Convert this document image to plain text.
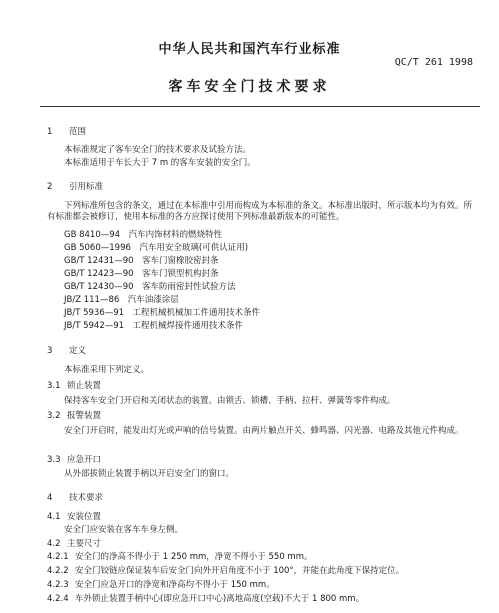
中华人民共和国汽车行业标准
QC/T 261 1998
客车安全门技术要求
1 范围
本标准规定了客车安全门的技术要求及试验方法。
本标准适用于车长大于 7 m 的客车安装的安全门。
2 引用标准
下列标准所包含的条文，通过在本标准中引用而构成为本标准的条文。本标准出版时，所示版本均为有效。所有标准都会被修订，使用本标准的各方应探讨使用下列标准最新版本的可能性。
GB 8410—94　汽车内饰材料的燃烧特性
GB 5060—1996　汽车用安全玻璃(可供认证用)
GB/T 12431—90　客车门窗橡胶密封条
GB/T 12423—90　客车门锁型机构封条
GB/T 12430—90　客车防雨密封性试验方法
JB/Z 111—86　汽车油漆涂层
JB/T 5936—91　工程机械机械加工件通用技术条件
JB/T 5942—91　工程机械焊接件通用技术条件
3 定义
本标准采用下列定义。
3.1 锁止装置
保持客车安全门开启和关闭状态的装置。由锁舌、锁槽、手柄、拉杆、弹簧等零件构成。
3.2 报警装置
安全门开启时，能发出灯光或声响的信号装置。由两片触点开关、蜂鸣器、闪光器、电路及其他元件构成。
3.3 应急开口
从外部拔锁止装置手柄以开启安全门的窗口。
4 技术要求
4.1 安装位置
安全门应安装在客车车身左侧。
4.2 主要尺寸
4.2.1 安全门的净高不得小于 1 250 mm，净宽不得小于 550 mm。
4.2.2 安全门铰链应保证装车后安全门向外开启角度不小于 100°，并能在此角度下保持定位。
4.2.3 安全门应急开口的净宽和净高均不得小于 150 mm。
4.2.4 车外锁止装置手柄中心(即应急开口中心)离地高度(空载)不大于 1 800 mm。
